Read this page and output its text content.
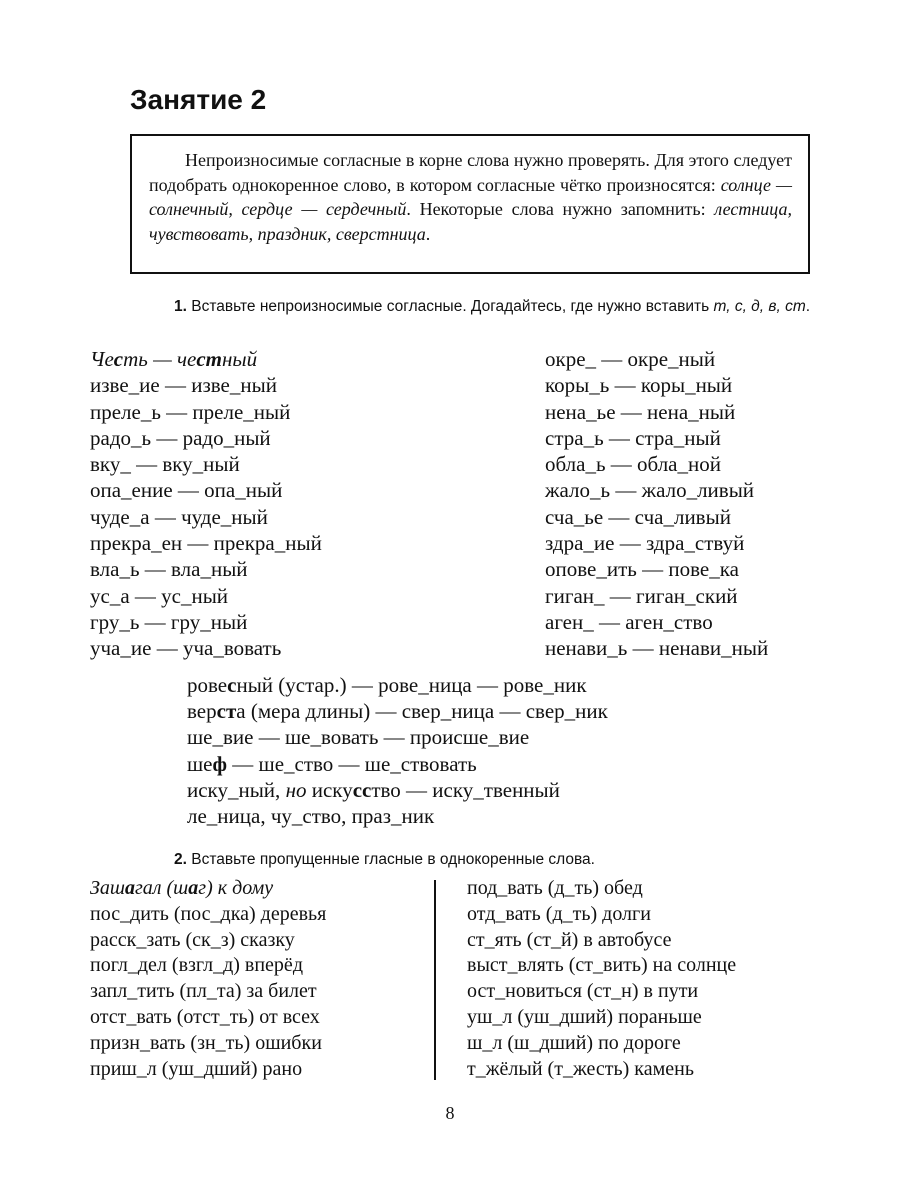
Занятие 2

Непроизносимые согласные в корне слова нужно проверять. Для этого следует подобрать однокоренное слово, в котором согласные чётко произносятся: солнце — солнечный, сердце — сердечный. Некоторые слова нужно запомнить: лестница, чувствовать, праздник, сверстница.

1. Вставьте непроизносимые согласные. Догадайтесь, где нужно вставить т, с, д, в, ст.
Честь — честный
изве_ие — изве_ный
преле_ь — преле_ный
радо_ь — радо_ный
вку_ — вку_ный
опа_ение — опа_ный
чуде_а — чуде_ный
прекра_ен — прекра_ный
вла_ь — вла_ный
ус_а — ус_ный
гру_ь — гру_ный
уча_ие — уча_вовать
окре_ — окре_ный
коры_ь — коры_ный
нена_ье — нена_ный
стра_ь — стра_ный
обла_ь — обла_ной
жало_ь — жало_ливый
сча_ье — сча_ливый
здра_ие — здра_ствуй
опове_ить — пове_ка
гиган_ — гиган_ский
аген_ — аген_ство
ненави_ь — ненави_ный
ровесный (устар.) — рове_ница — рове_ник
верста (мера длины) — свер_ница — свер_ник
ше_вие — ше_вовать — происше_вие
шеф — ше_ство — ше_ствовать
иску_ный, но искусство — иску_твенный
ле_ница, чу_ство, праз_ник
2. Вставьте пропущенные гласные в однокоренные слова.
Зашагал (шаг) к дому
пос_дить (пос_дка) деревья
расск_зать (ск_з) сказку
погл_дел (взгл_д) вперёд
запл_тить (пл_та) за билет
отст_вать (отст_ть) от всех
призн_вать (зн_ть) ошибки
приш_л (уш_дший) рано
под_вать (д_ть) обед
отд_вать (д_ть) долги
ст_ять (ст_й) в автобусе
выст_влять (ст_вить) на солнце
ост_новиться (ст_н) в пути
уш_л (уш_дший) пораньше
ш_л (ш_дший) по дороге
т_жёлый (т_жесть) камень
8
